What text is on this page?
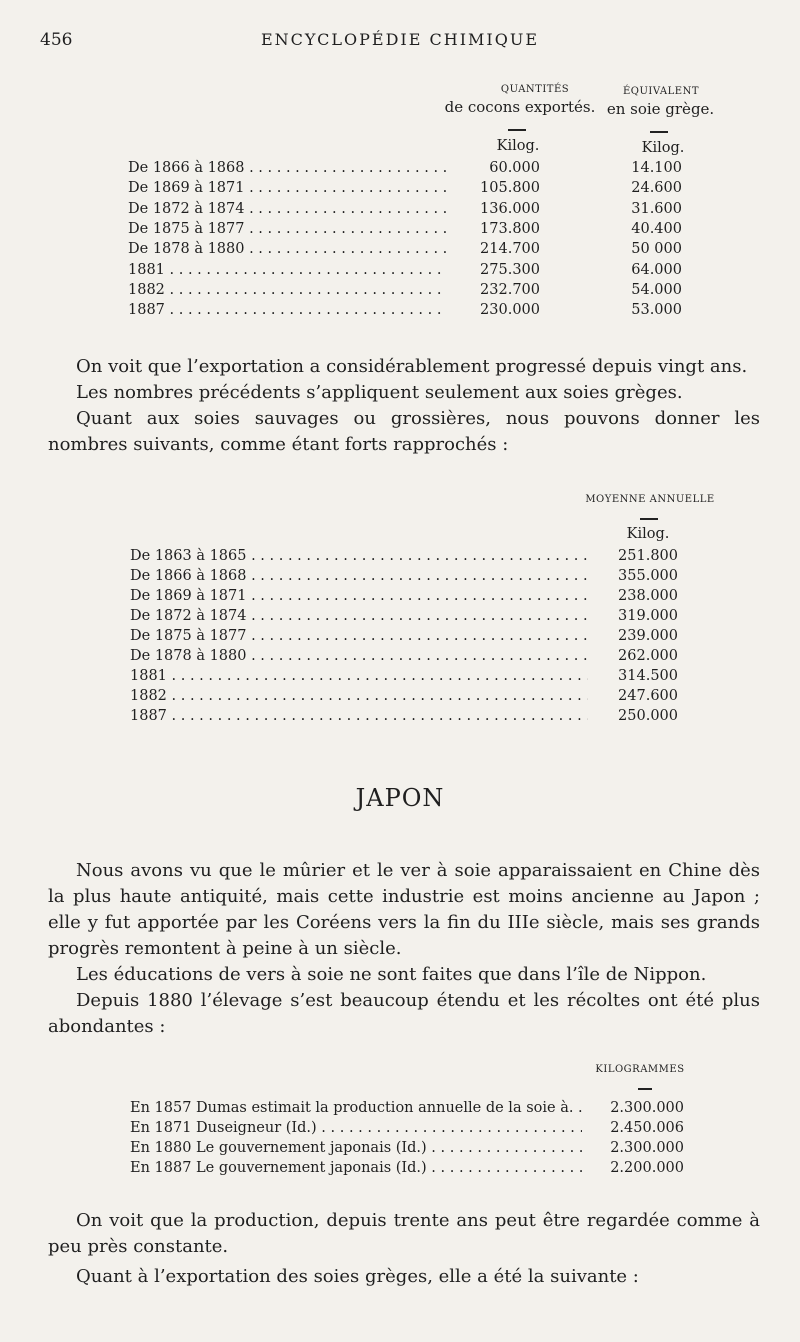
456	ENCYCLOPÉDIE CHIMIQUE
QUANTITÉS
de cocons exportés.
ÉQUIVALENT
en soie grège.
Kilog.	Kilog.
De 1866 à 1868 . . .	60.000	14.100
De 1869 à 1871 . . .	105.800	24.600
De 1872 à 1874 . . .	136.000	31.600
De 1875 à 1877 . . .	173.800	40.400
De 1878 à 1880 . . .	214.700	50 000
1881 . . .	275.300	64.000
1882 . . .	232.700	54.000
1887 . . .	230.000	53.000
On voit que l’exportation a considérablement progressé depuis vingt ans.
Les nombres précédents s’appliquent seulement aux soies grèges.
Quant aux soies sauvages ou grossières, nous pouvons donner les nombres suivants, comme étant forts rapprochés :
MOYENNE ANNUELLE
Kilog.
De 1863 à 1865 . . .	251.800
De 1866 à 1868 . . .	355.000
De 1869 à 1871 . . .	238.000
De 1872 à 1874 . . .	319.000
De 1875 à 1877 . . .	239.000
De 1878 à 1880 . . .	262.000
1881 . . .	314.500
1882 . . .	247.600
1887 . . .	250.000
JAPON
Nous avons vu que le mûrier et le ver à soie apparaissaient en Chine dès la plus haute antiquité, mais cette industrie est moins ancienne au Japon ; elle y fut apportée par les Coréens vers la fin du IIIe siècle, mais ses grands progrès remontent à peine à un siècle.
Les éducations de vers à soie ne sont faites que dans l’île de Nippon.
Depuis 1880 l’élevage s’est beaucoup étendu et les récoltes ont été plus abondantes :
KILOGRAMMES
En 1857 Dumas estimait la production annuelle de la soie à. . . .	2.300.000
En 1871 Duseigneur (Id.) . . .	2.450.006
En 1880 Le gouvernement japonais (Id.) . . .	2.300.000
En 1887 Le gouvernement japonais (Id.) . . .	2.200.000
On voit que la production, depuis trente ans peut être regardée comme à peu près constante.
Quant à l’exportation des soies grèges, elle a été la suivante :
